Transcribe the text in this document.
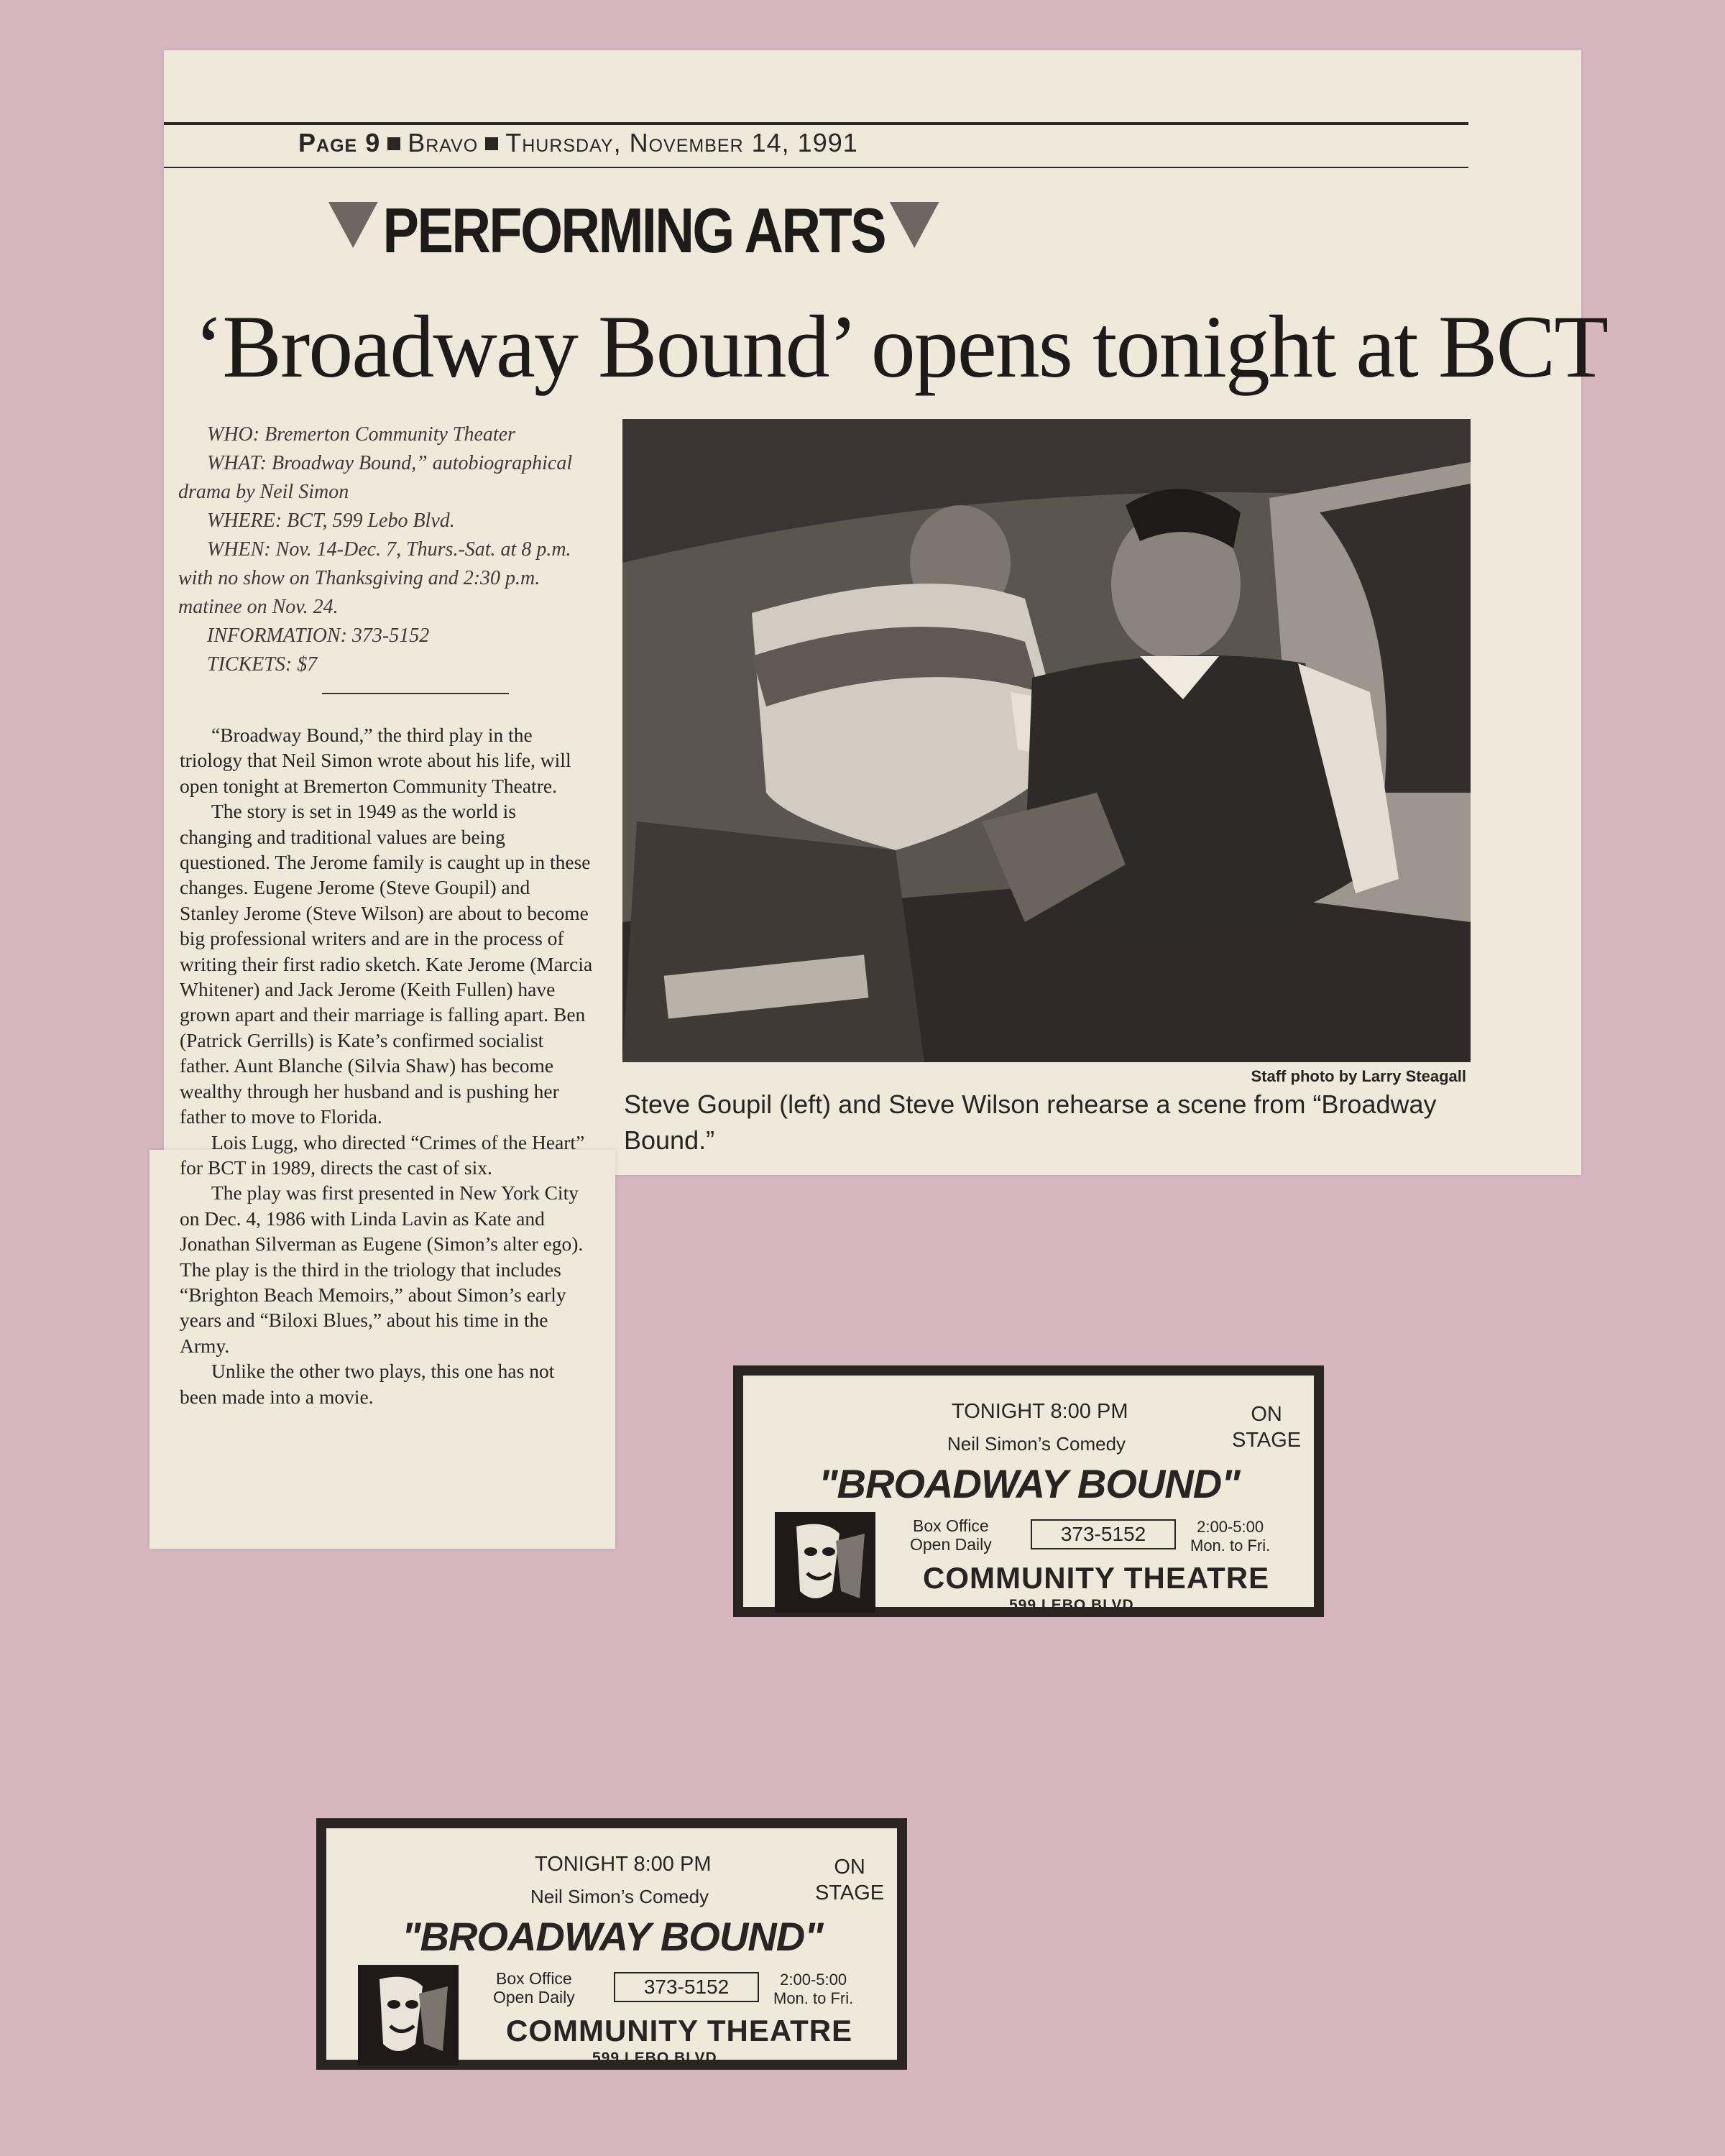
Page 9 Bravo Thursday, November 14, 1991
PERFORMING ARTS
‘Broadway Bound’ opens tonight at BCT

WHO: Bremerton Community Theater

WHAT: Broadway Bound,” autobiographical drama by Neil Simon

WHERE: BCT, 599 Lebo Blvd.

WHEN: Nov. 14-Dec. 7, Thurs.-Sat. at 8 p.m. with no show on Thanksgiving and 2:30 p.m. matinee on Nov. 24.

INFORMATION: 373-5152

TICKETS: $7

“Broadway Bound,” the third play in the triology that Neil Simon wrote about his life, will open tonight at Bremerton Community Theatre.

The story is set in 1949 as the world is changing and traditional values are being questioned. The Jerome family is caught up in these changes. Eugene Jerome (Steve Goupil) and Stanley Jerome (Steve Wilson) are about to become big professional writers and are in the process of writing their first radio sketch. Kate Jerome (Marcia Whitener) and Jack Jerome (Keith Fullen) have grown apart and their marriage is falling apart. Ben (Patrick Gerrills) is Kate’s confirmed socialist father. Aunt Blanche (Silvia Shaw) has become wealthy through her husband and is pushing her father to move to Florida.

Lois Lugg, who directed “Crimes of the Heart” for BCT in 1989, directs the cast of six.

The play was first presented in New York City on Dec. 4, 1986 with Linda Lavin as Kate and Jonathan Silverman as Eugene (Simon’s alter ego). The play is the third in the triology that includes “Brighton Beach Memoirs,” about Simon’s early years and “Biloxi Blues,” about his time in the Army.

Unlike the other two plays, this one has not been made into a movie.

Staff photo by Larry Steagall
Steve Goupil (left) and Steve Wilson rehearse a scene from “Broadway Bound.”
TONIGHT 8:00 PM	ON
STAGE
Neil Simon’s Comedy
"BROADWAY BOUND"
Box Office
Open Daily	373-5152	2:00-5:00
Mon. to Fri.
COMMUNITY THEATRE
599 LEBO BLVD.
TONIGHT 8:00 PM	ON
STAGE
Neil Simon’s Comedy
"BROADWAY BOUND"
Box Office
Open Daily	373-5152	2:00-5:00
Mon. to Fri.
COMMUNITY THEATRE
599 LEBO BLVD.
